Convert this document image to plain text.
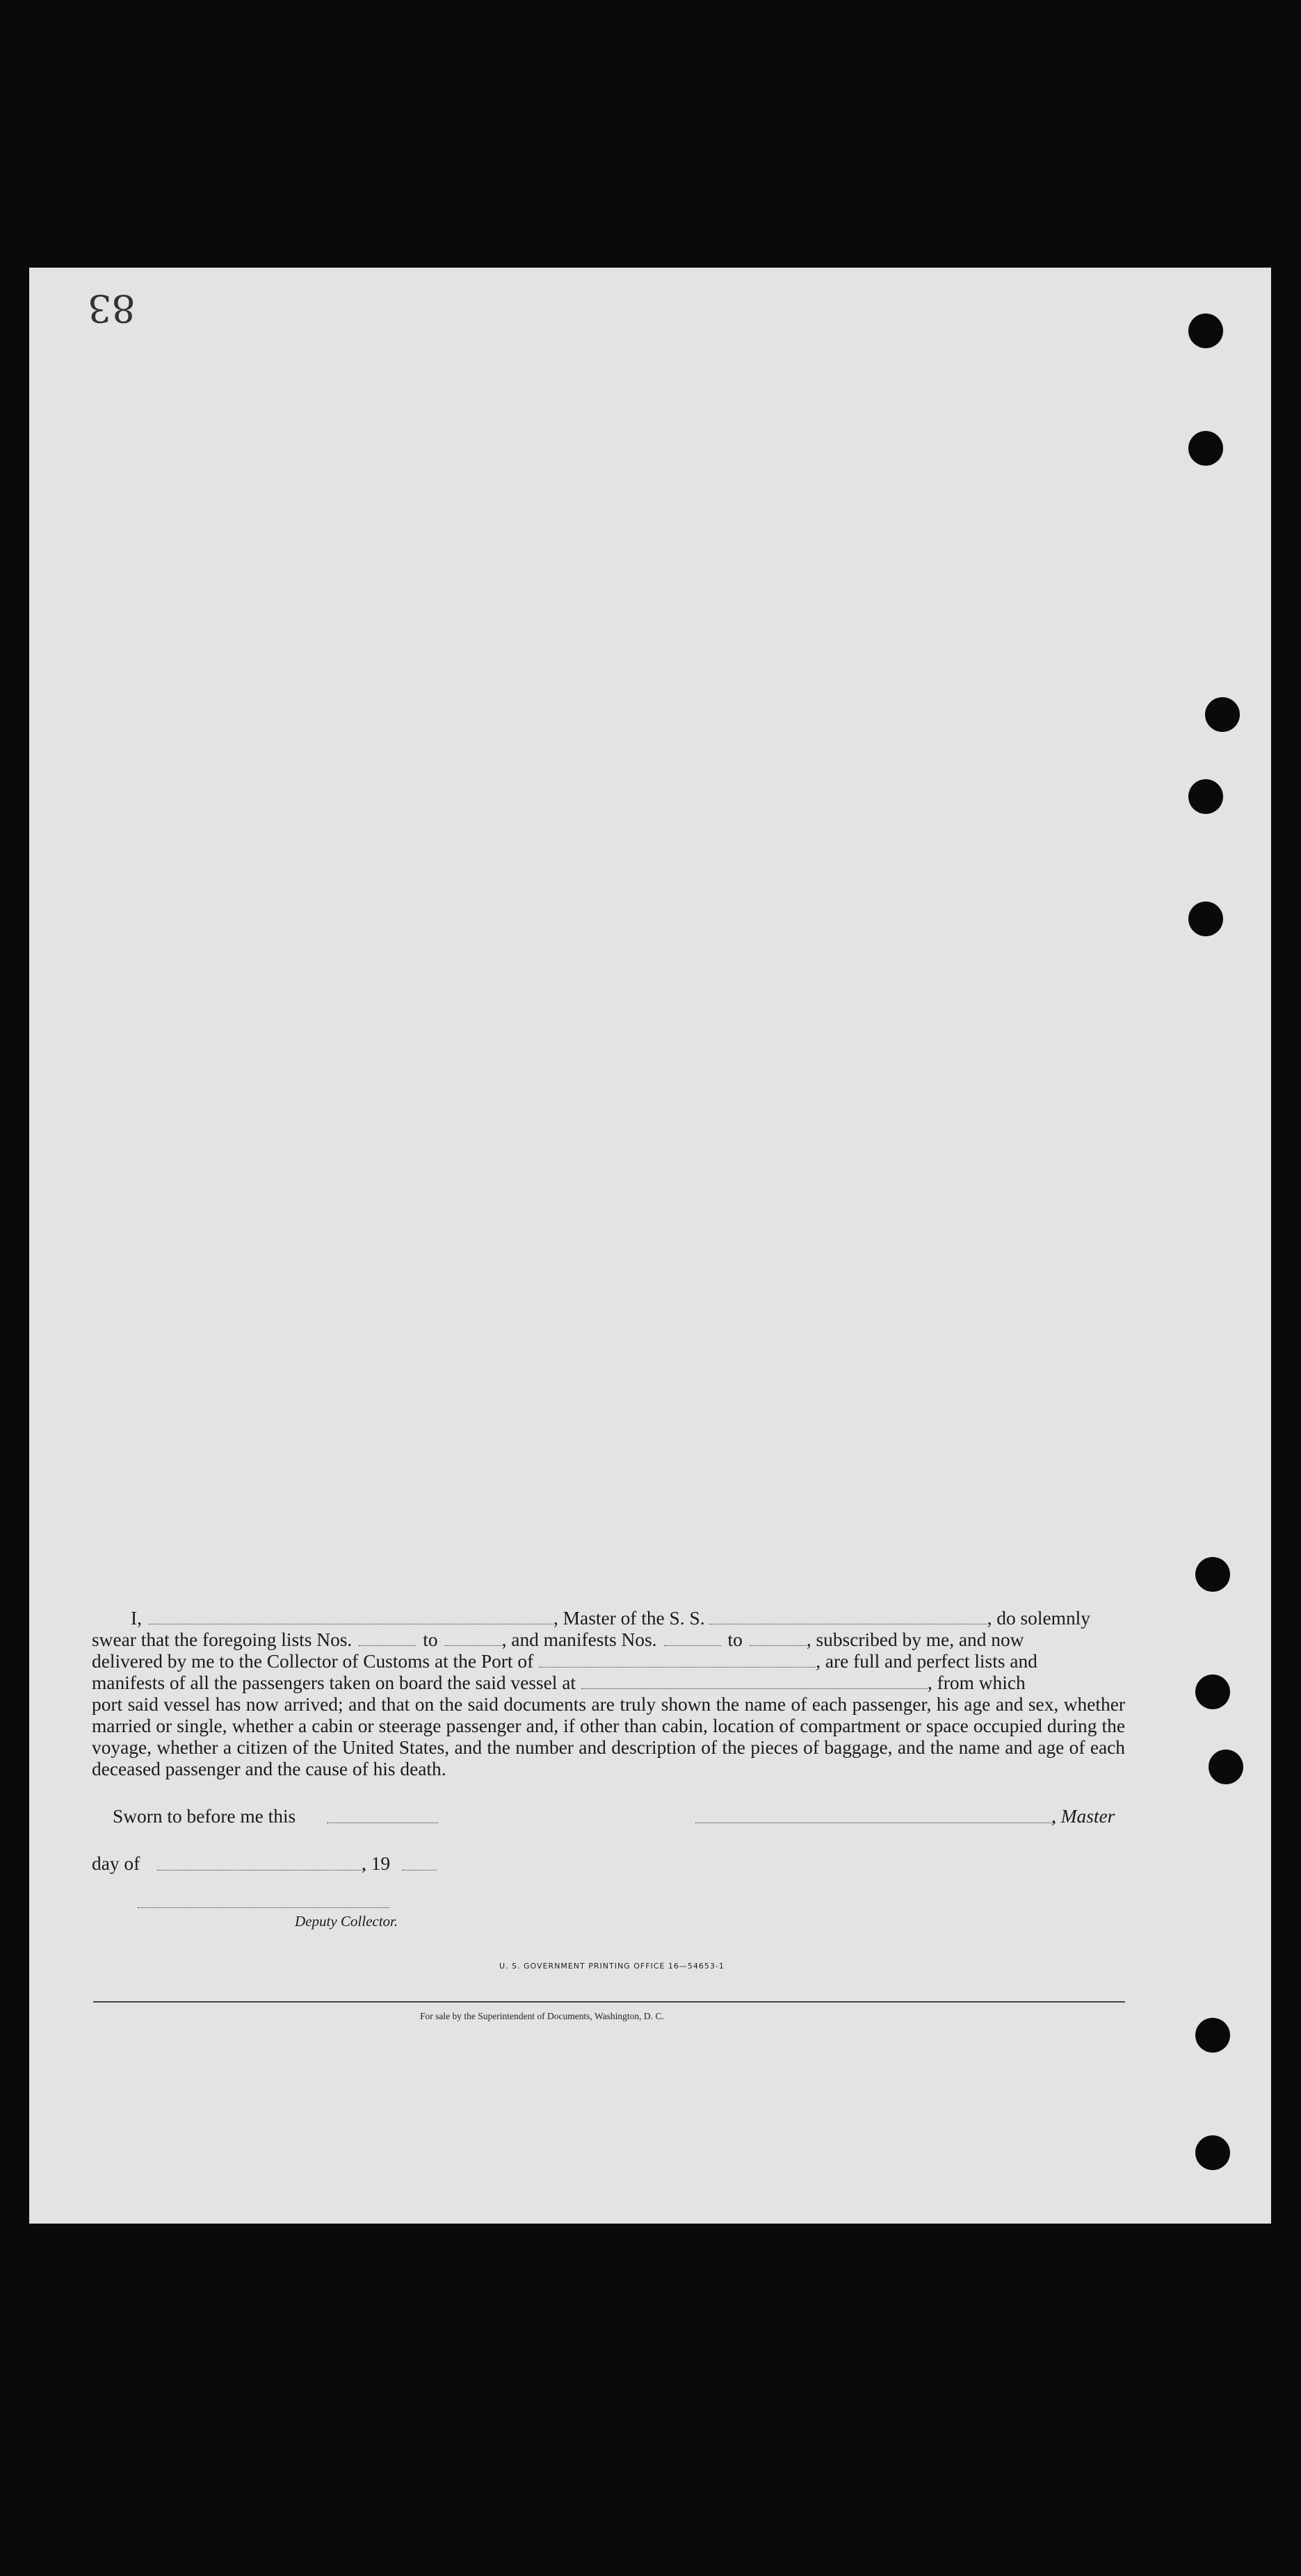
83
I,	, Master of the S. S.	, do solemnly
swear that the foregoing lists Nos.	to	, and manifests Nos.	to	, subscribed by me, and now
delivered by me to the Collector of Customs at the Port of	, are full and perfect lists and
manifests of all the passengers taken on board the said vessel at	, from which
port said vessel has now arrived; and that on the said documents are truly shown the name of each passenger, his age and sex, whether married or single, whether a cabin or steerage passenger and, if other than cabin, location of compartment or space occupied during the voyage, whether a citizen of the United States, and the number and description of the pieces of baggage, and the name and age of each deceased passenger and the cause of his death.
Sworn to before me this	, Master
day of	, 19
Deputy Collector.
U. S. GOVERNMENT PRINTING OFFICE 16—54653-1
For sale by the Superintendent of Documents, Washington, D. C.
